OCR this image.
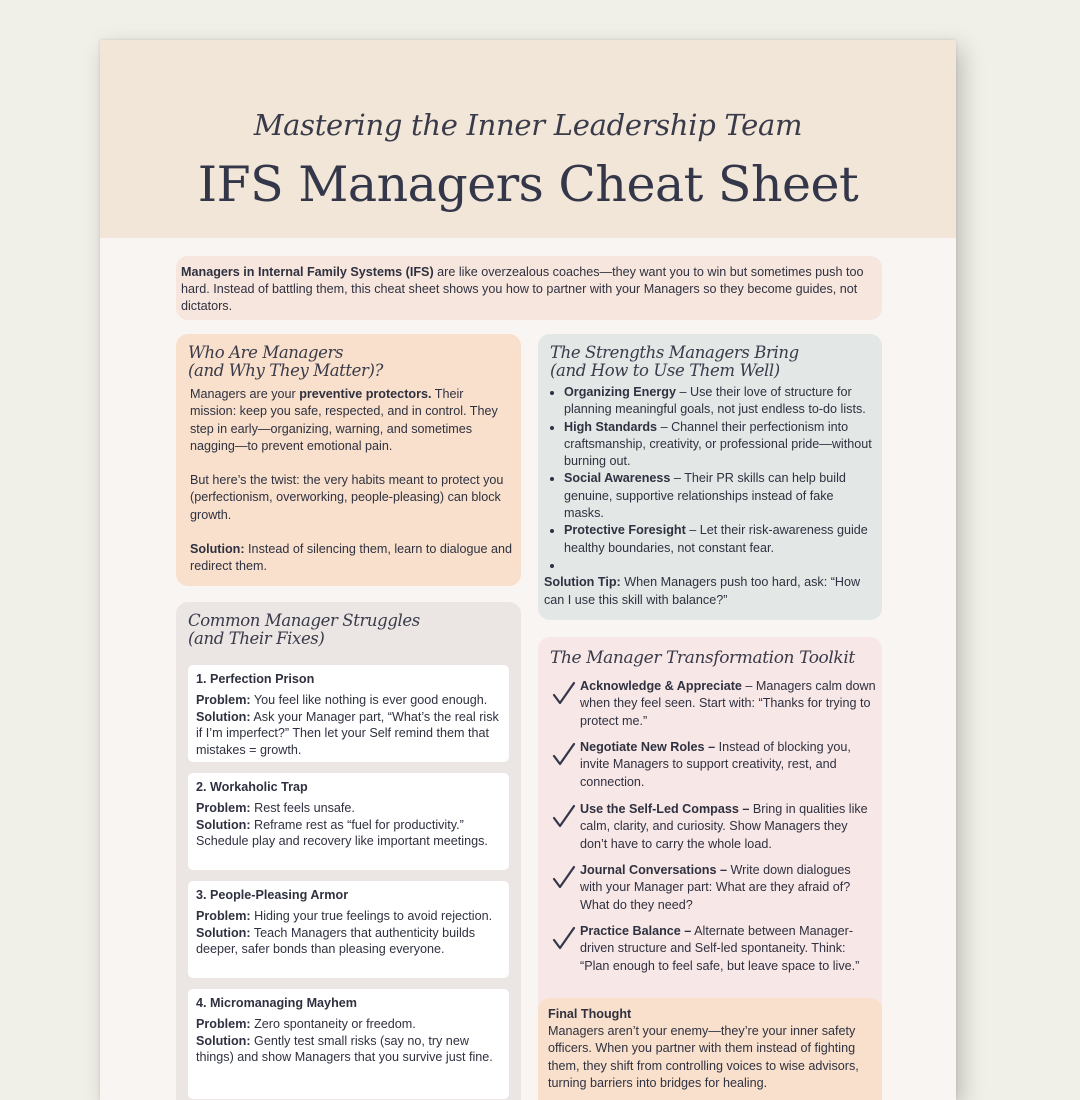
Mastering the Inner Leadership Team
IFS Managers Cheat Sheet
Managers in Internal Family Systems (IFS) are like overzealous coaches—they want you to win but sometimes push too hard. Instead of battling them, this cheat sheet shows you how to partner with your Managers so they become guides, not dictators.
Who Are Managers
(and Why They Matter)?

Managers are your preventive protectors. Their mission: keep you safe, respected, and in control. They step in early—organizing, warning, and sometimes nagging—to prevent emotional pain.

But here’s the twist: the very habits meant to protect you (perfectionism, overworking, people-pleasing) can block growth.

Solution: Instead of silencing them, learn to dialogue and redirect them.

The Strengths Managers Bring
(and How to Use Them Well)
• Organizing Energy – Use their love of structure for planning meaningful goals, not just endless to-do lists.
• High Standards – Channel their perfectionism into craftsmanship, creativity, or professional pride—without burning out.
• Social Awareness – Their PR skills can help build genuine, supportive relationships instead of fake masks.
• Protective Foresight – Let their risk-awareness guide healthy boundaries, not constant fear.
•
Solution Tip: When Managers push too hard, ask: “How can I use this skill with balance?”
Common Manager Struggles
(and Their Fixes)
1. Perfection Prison
Problem: You feel like nothing is ever good enough.
Solution: Ask your Manager part, “What’s the real risk if I’m imperfect?” Then let your Self remind them that mistakes = growth.
2. Workaholic Trap
Problem: Rest feels unsafe.
Solution: Reframe rest as “fuel for productivity.” Schedule play and recovery like important meetings.
3. People-Pleasing Armor
Problem: Hiding your true feelings to avoid rejection.
Solution: Teach Managers that authenticity builds deeper, safer bonds than pleasing everyone.
4. Micromanaging Mayhem
Problem: Zero spontaneity or freedom.
Solution: Gently test small risks (say no, try new things) and show Managers that you survive just fine.
The Manager Transformation Toolkit
Acknowledge & Appreciate – Managers calm down when they feel seen. Start with: “Thanks for trying to protect me.”
Negotiate New Roles – Instead of blocking you, invite Managers to support creativity, rest, and connection.
Use the Self-Led Compass – Bring in qualities like calm, clarity, and curiosity. Show Managers they don’t have to carry the whole load.
Journal Conversations – Write down dialogues with your Manager part: What are they afraid of? What do they need?
Practice Balance – Alternate between Manager-driven structure and Self-led spontaneity. Think: “Plan enough to feel safe, but leave space to live.”
Final Thought
Managers aren’t your enemy—they’re your inner safety officers. When you partner with them instead of fighting them, they shift from controlling voices to wise advisors, turning barriers into bridges for healing.
